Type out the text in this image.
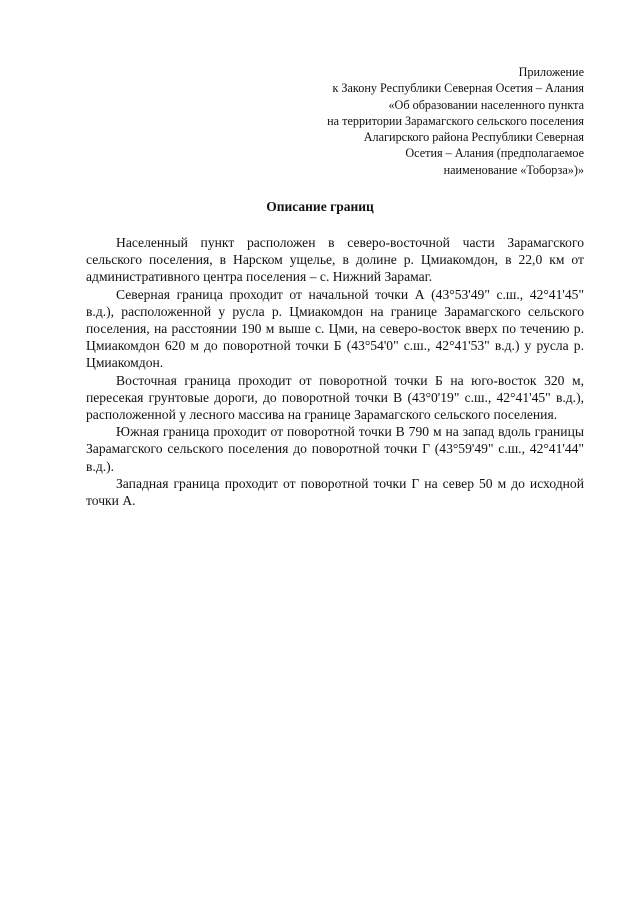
Приложение
к Закону Республики Северная Осетия – Алания
«Об образовании населенного пункта
на территории Зарамагского сельского поселения
Алагирского района Республики Северная
Осетия – Алания (предполагаемое
наименование «Тоборза»)»
Описание границ

Населенный пункт расположен в северо-восточной части Зарамагского сельского поселения, в Нарском ущелье, в долине р. Цмиакомдон, в 22,0 км от административного центра поселения – с. Нижний Зарамаг.

Северная граница проходит от начальной точки А (43°53'49" с.ш., 42°41'45" в.д.), расположенной у русла р. Цмиакомдон на границе Зарамагского сельского поселения, на расстоянии 190 м выше с. Цми, на северо-восток вверх по течению р. Цмиакомдон 620 м до поворотной точки Б (43°54'0" с.ш., 42°41'53" в.д.) у русла р. Цмиакомдон.

Восточная граница проходит от поворотной точки Б на юго-восток 320 м, пересекая грунтовые дороги, до поворотной точки В (43°0'19" с.ш., 42°41'45" в.д.), расположенной у лесного массива на границе Зарамагского сельского поселения.

Южная граница проходит от поворотной точки В 790 м на запад вдоль границы Зарамагского сельского поселения до поворотной точки Г (43°59'49" с.ш., 42°41'44" в.д.).

Западная граница проходит от поворотной точки Г на север 50 м до исходной точки А.
